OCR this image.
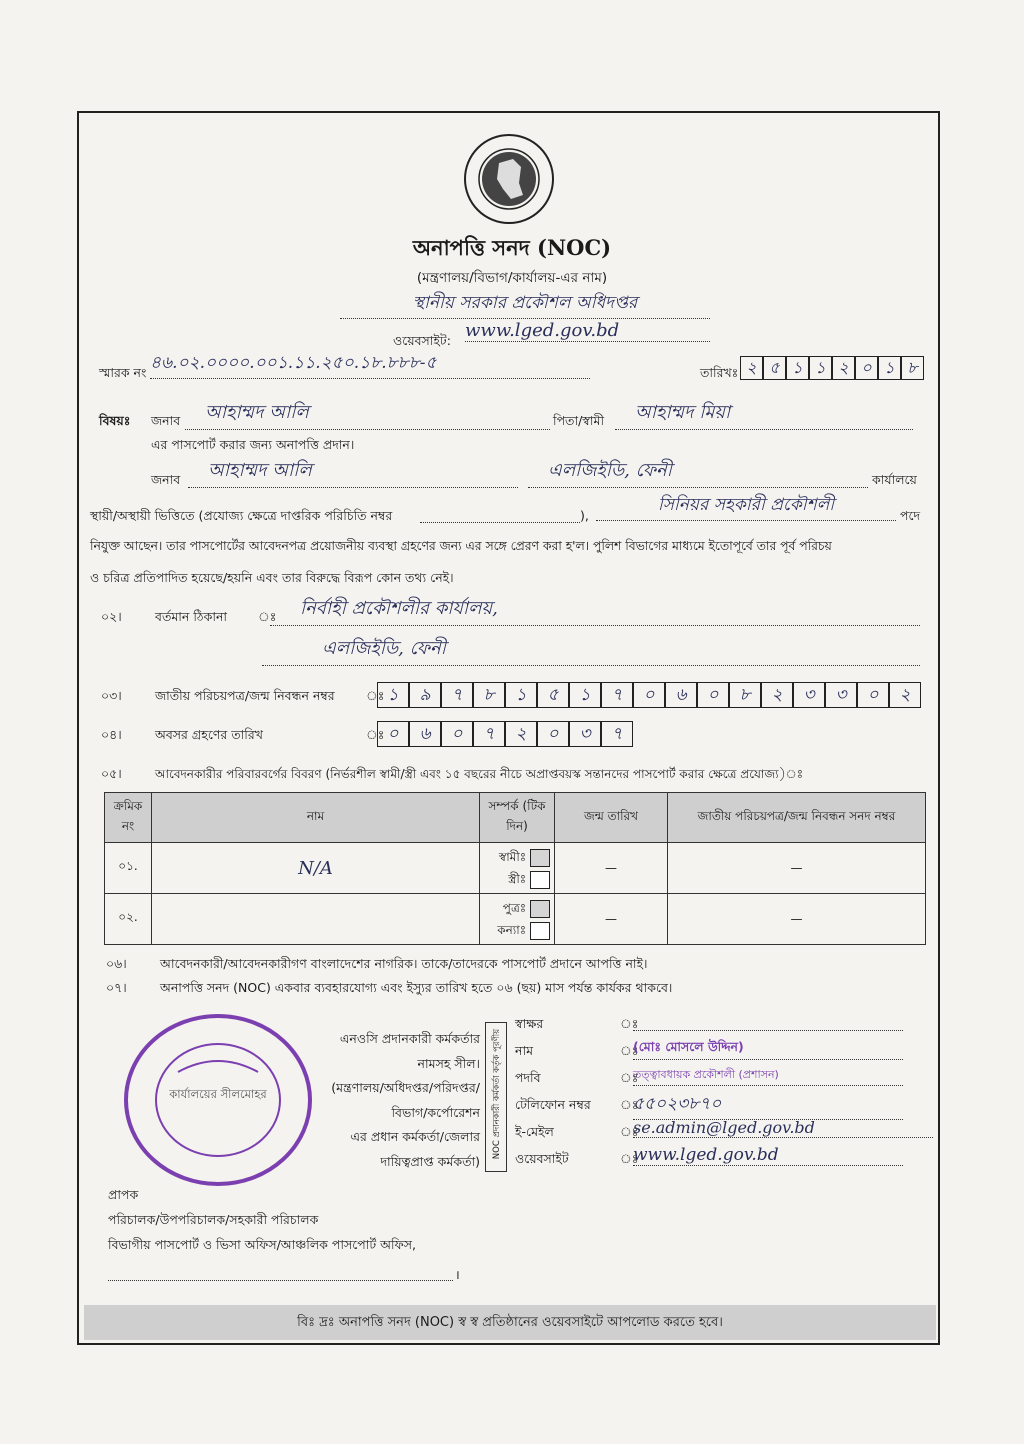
অনাপত্তি সনদ (NOC)
(মন্ত্রণালয়/বিভাগ/কার্যালয়-এর নাম)
স্থানীয় সরকার প্রকৌশল অধিদপ্তর
ওয়েবসাইট: www.lged.gov.bd
স্মারক নং ৪৬.০২.০০০০.০০১.১১.২৫০.১৮.৮৮৮-৫	তারিখঃ ২ ৫ ১ ১ ২ ০ ১ ৮
বিষয়ঃ জনাব	আহাম্মদ আলি	পিতা/স্বামী	আহাম্মদ মিয়া
এর পাসপোর্ট করার জন্য অনাপত্তি প্রদান।
জনাব	আহাম্মদ আলি	এলজিইডি, ফেনী	কার্যালয়ে
স্থায়ী/অস্থায়ী ভিত্তিতে (প্রযোজ্য ক্ষেত্রে দাপ্তরিক পরিচিতি নম্বর	),
সিনিয়র সহকারী প্রকৌশলী
পদে
নিযুক্ত আছেন। তার পাসপোর্টের আবেদনপত্র প্রয়োজনীয় ব্যবস্থা গ্রহণের জন্য এর সঙ্গে প্রেরণ করা হ'ল। পুলিশ বিভাগের মাধ্যমে ইতোপূর্বে তার পূর্ব পরিচয়
ও চরিত্র প্রতিপাদিত হয়েছে/হয়নি এবং তার বিরুদ্ধে বিরূপ কোন তথ্য নেই।
০২।	বর্তমান ঠিকানা ঃ	নির্বাহী প্রকৌশলীর কার্যালয়,
এলজিইডি, ফেনী
০৩।	জাতীয় পরিচয়পত্র/জন্ম নিবন্ধন নম্বর	ঃ ১	৯	৭	৮	১	৫	১	৭	০	৬	০	৮	২	৩	৩	০	২
০৪।	অবসর গ্রহণের তারিখ	ঃ ০	৬	০	৭	২	০	৩	৭
০৫।	আবেদনকারীর পরিবারবর্গের বিবরণ (নির্ভরশীল স্বামী/স্ত্রী এবং ১৫ বছরের নীচে অপ্রাপ্তবয়স্ক সন্তানদের পাসপোর্ট করার ক্ষেত্রে প্রযোজ্য)ঃ
ক্রমিক নং	নাম	সম্পর্ক (টিক দিন)	জন্ম তারিখ	জাতীয় পরিচয়পত্র/জন্ম নিবন্ধন সনদ নম্বর
০১.	N/A	স্বামীঃ
স্ত্রীঃ	—	—
০২.		পুত্রঃ
কন্যাঃ	—	—
০৬।	আবেদনকারী/আবেদনকারীগণ বাংলাদেশের নাগরিক। তাকে/তাদেরকে পাসপোর্ট প্রদানে আপত্তি নাই।
০৭।	অনাপত্তি সনদ (NOC) একবার ব্যবহারযোগ্য এবং ইস্যুর তারিখ হতে ০৬ (ছয়) মাস পর্যন্ত কার্যকর থাকবে।
কার্যালয়ের সীলমোহর
এনওসি প্রদানকারী কর্মকর্তার
নামসহ সীল।
(মন্ত্রণালয়/অধিদপ্তর/পরিদপ্তর/
বিভাগ/কর্পোরেশন
এর প্রধান কর্মকর্তা/জেলার
দায়িত্বপ্রাপ্ত কর্মকর্তা)
NOC প্রদানকারী কর্মকর্তা কর্তৃক পূরণীয়
স্বাক্ষর	ঃ
নাম	ঃ
(মোঃ মোসলে উদ্দিন)
পদবি	ঃ
তত্ত্বাবধায়ক প্রকৌশলী (প্রশাসন)
টেলিফোন নম্বর ঃ
৫৫০২৩৮৭০
ই-মেইল	ঃ
se.admin@lged.gov.bd
ওয়েবসাইট	ঃ
www.lged.gov.bd
প্রাপক
পরিচালক/উপপরিচালক/সহকারী পরিচালক
বিভাগীয় পাসপোর্ট ও ভিসা অফিস/আঞ্চলিক পাসপোর্ট অফিস,
।
বিঃ দ্রঃ অনাপত্তি সনদ (NOC) স্ব স্ব প্রতিষ্ঠানের ওয়েবসাইটে আপলোড করতে হবে।
